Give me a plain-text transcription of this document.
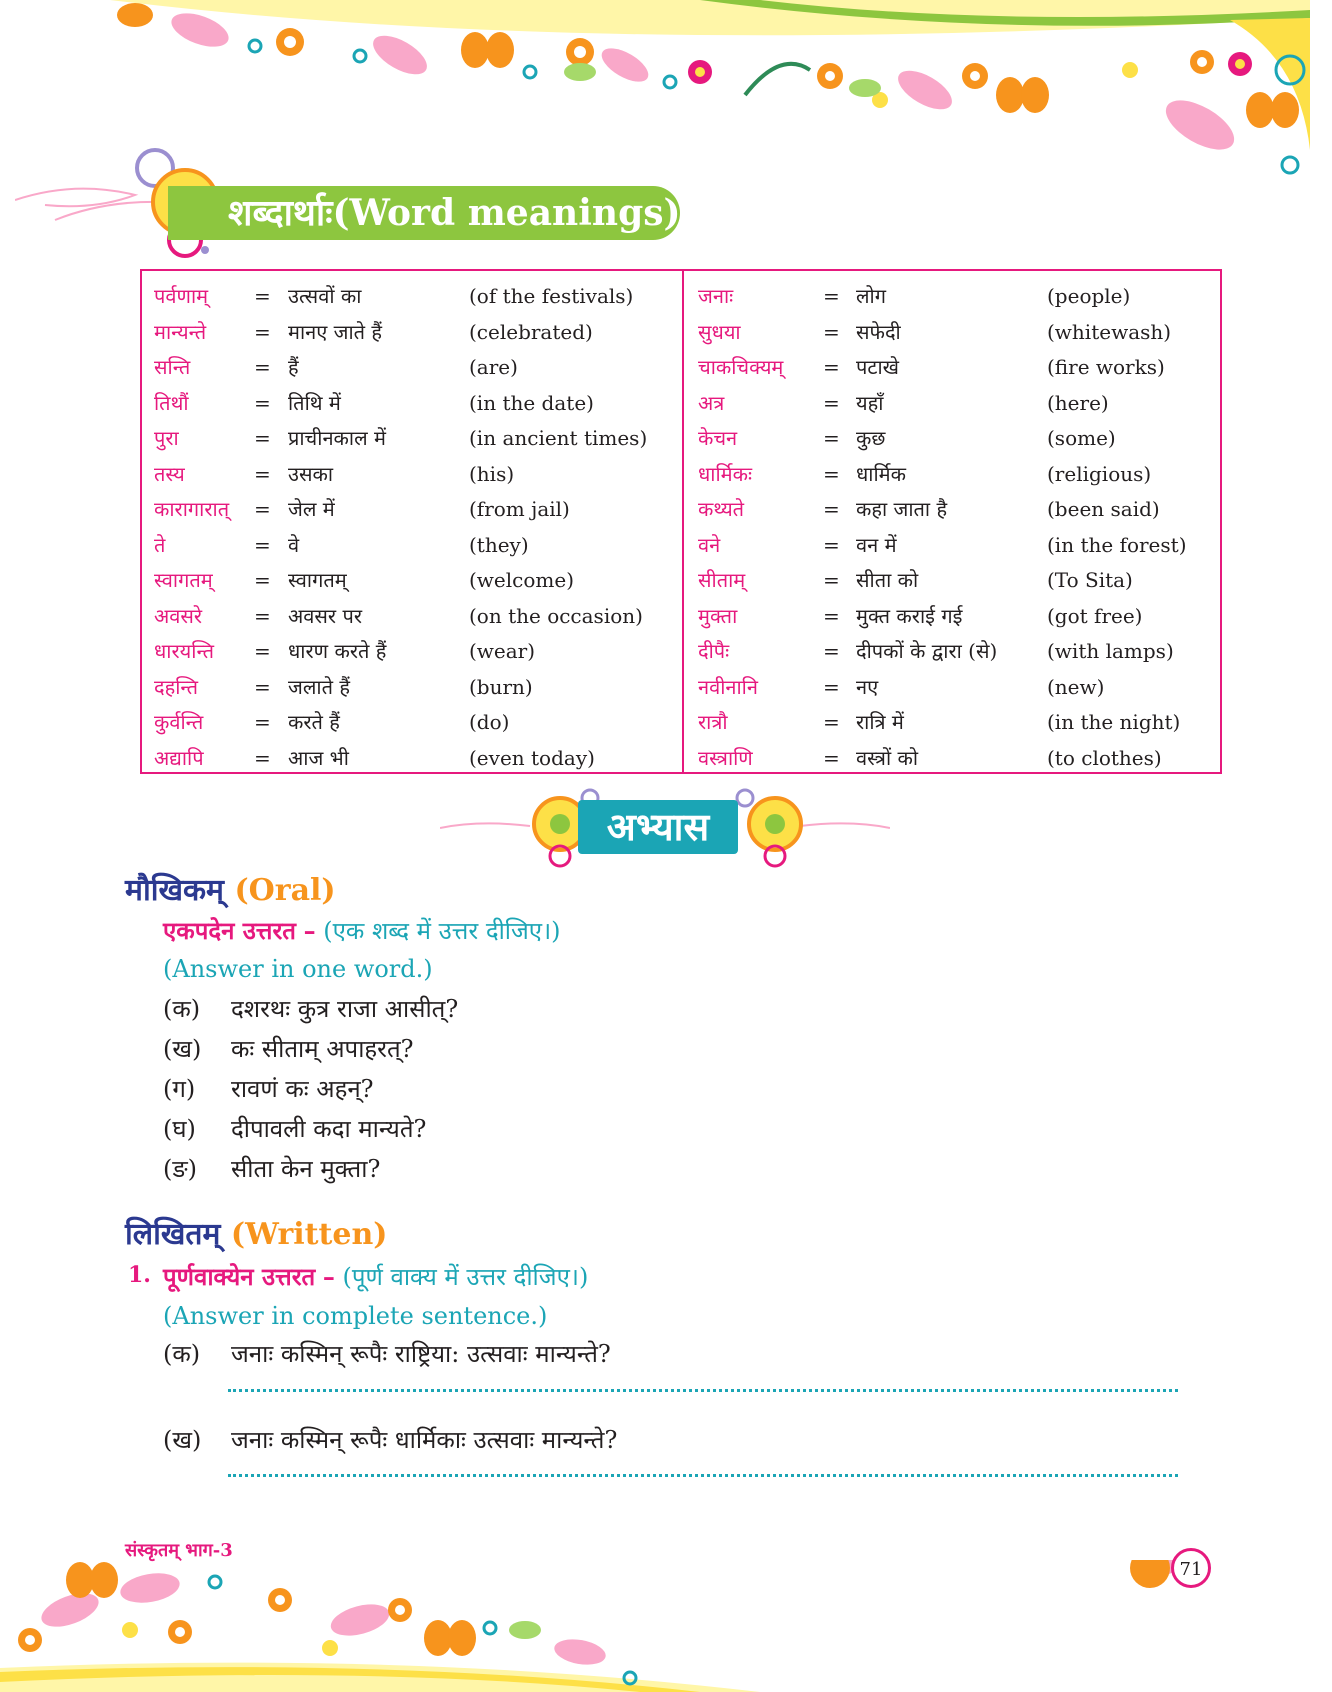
शब्दार्थाः(Word meanings)
पर्वणाम् = उत्सवों का	(of the festivals)
मान्यन्ते = मानए जाते हैं	(celebrated)
सन्ति	= हैं	(are)
तिथौं	= तिथि में	(in the date)
पुरा	= प्राचीनकाल में	(in ancient times)
तस्य	= उसका	(his)
कारागारात् = जेल में	(from jail)
ते	= वे	(they)
स्वागतम् = स्वागतम्	(welcome)
अवसरे	= अवसर पर	(on the occasion)
धारयन्ति = धारण करते हैं	(wear)
दहन्ति	= जलाते हैं	(burn)
कुर्वन्ति	= करते हैं	(do)
अद्यापि	= आज भी	(even today)
जनाः	= लोग	(people)
सुधया	= सफेदी	(whitewash)
चाकचिक्यम् = पटाखे	(fire works)
अत्र	= यहाँ	(here)
केचन	= कुछ	(some)
धार्मिकः	= धार्मिक	(religious)
कथ्यते	= कहा जाता है	(been said)
वने	= वन में	(in the forest)
सीताम्	= सीता को	(To Sita)
मुक्ता	= मुक्त कराई गई	(got free)
दीपैः	= दीपकों के द्वारा (से) (with lamps)
नवीनानि	= नए	(new)
रात्रौ	= रात्रि में	(in the night)
वस्त्राणि	= वस्त्रों को	(to clothes)
अभ्यास
मौखिकम् (Oral)
एकपदेन उत्तरत – (एक शब्द में उत्तर दीजिए।)
(Answer in one word.)
(क) दशरथः कुत्र राजा आसीत्?
(ख) कः सीताम् अपाहरत्?
(ग) रावणं कः अहन्?
(घ) दीपावली कदा मान्यते?
(ङ) सीता केन मुक्ता?
लिखितम् (Written)
1. पूर्णवाक्येन उत्तरत – (पूर्ण वाक्य में उत्तर दीजिए।)
(Answer in complete sentence.)
(क) जनाः कस्मिन् रूपैः राष्ट्रिया: उत्सवाः मान्यन्ते?
(ख) जनाः कस्मिन् रूपैः धार्मिकाः उत्सवाः मान्यन्ते?
संस्कृतम् भाग-3
71
